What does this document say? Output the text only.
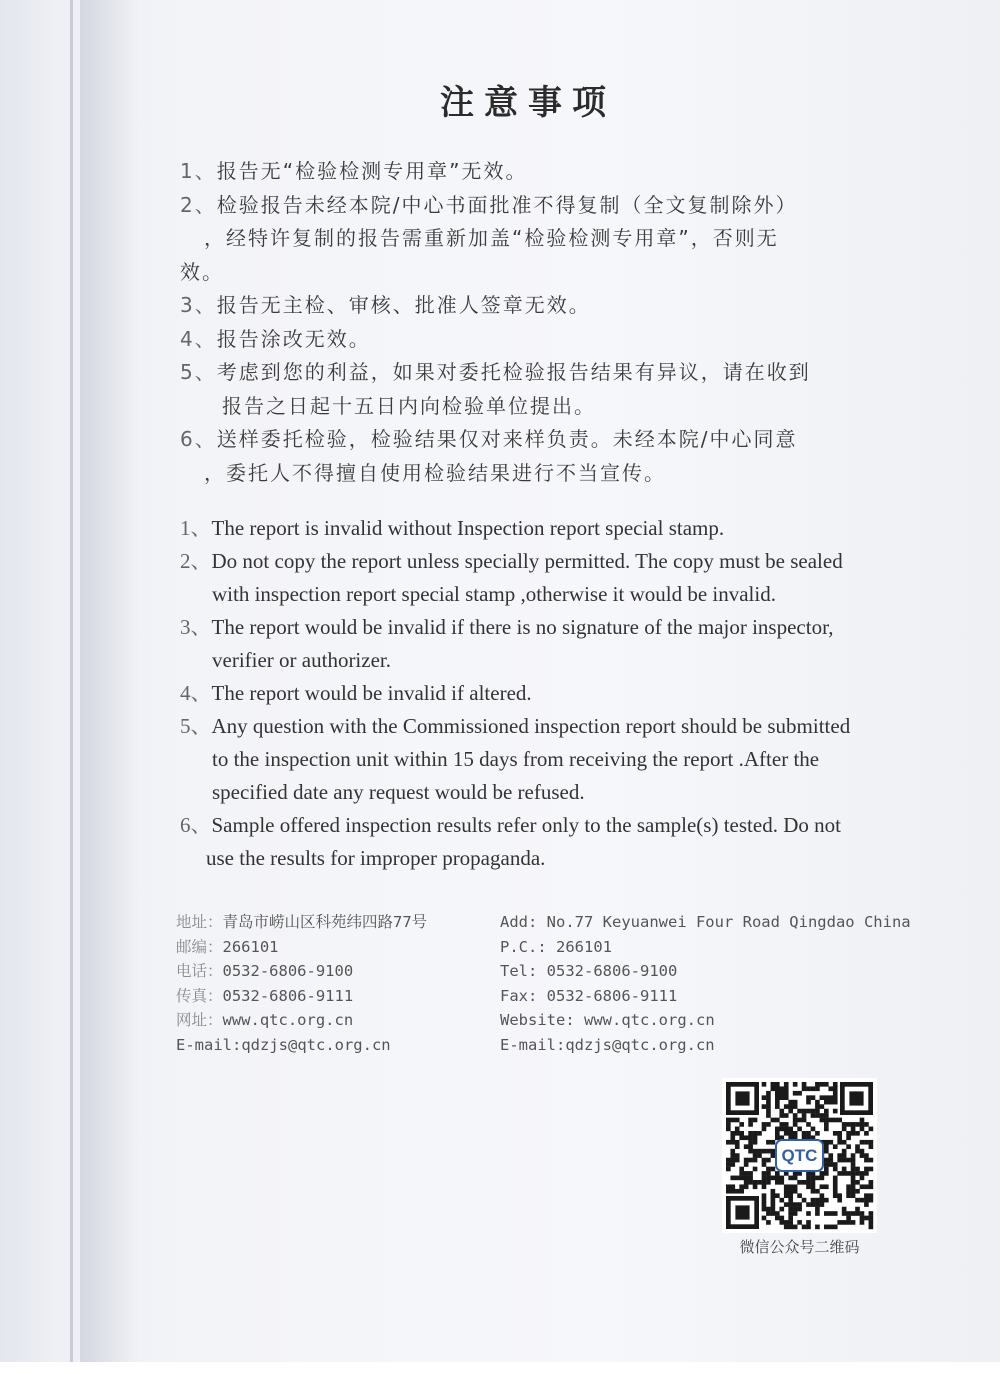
注意事项
1、报告无“检验检测专用章”无效。
2、检验报告未经本院/中心书面批准不得复制（全文复制除外）
，经特许复制的报告需重新加盖“检验检测专用章”，否则无
效。
3、报告无主检、审核、批准人签章无效。
4、报告涂改无效。
5、考虑到您的利益，如果对委托检验报告结果有异议，请在收到
报告之日起十五日内向检验单位提出。
6、送样委托检验，检验结果仅对来样负责。未经本院/中心同意
，委托人不得擅自使用检验结果进行不当宣传。
1、The report is invalid without Inspection report special stamp.
2、Do not copy the report unless specially permitted. The copy must be sealed
with inspection report special stamp ,otherwise it would be invalid.
3、The report would be invalid if there is no signature of the major inspector,
verifier or authorizer.
4、The report would be invalid if altered.
5、Any question with the Commissioned inspection report should be submitted
to the inspection unit within 15 days from receiving the report .After the
specified date any request would be refused.
6、Sample offered inspection results refer only to the sample(s) tested. Do not
use the results for improper propaganda.
地址：青岛市崂山区科苑纬四路77号
邮编：266101
电话：0532-6806-9100
传真：0532-6806-9111
网址：www.qtc.org.cn
E-mail:qdzjs@qtc.org.cn
Add: No.77 Keyuanwei Four Road Qingdao China
P.C.: 266101
Tel: 0532-6806-9100
Fax: 0532-6806-9111
Website: www.qtc.org.cn
E-mail:qdzjs@qtc.org.cn
QTC
微信公众号二维码
